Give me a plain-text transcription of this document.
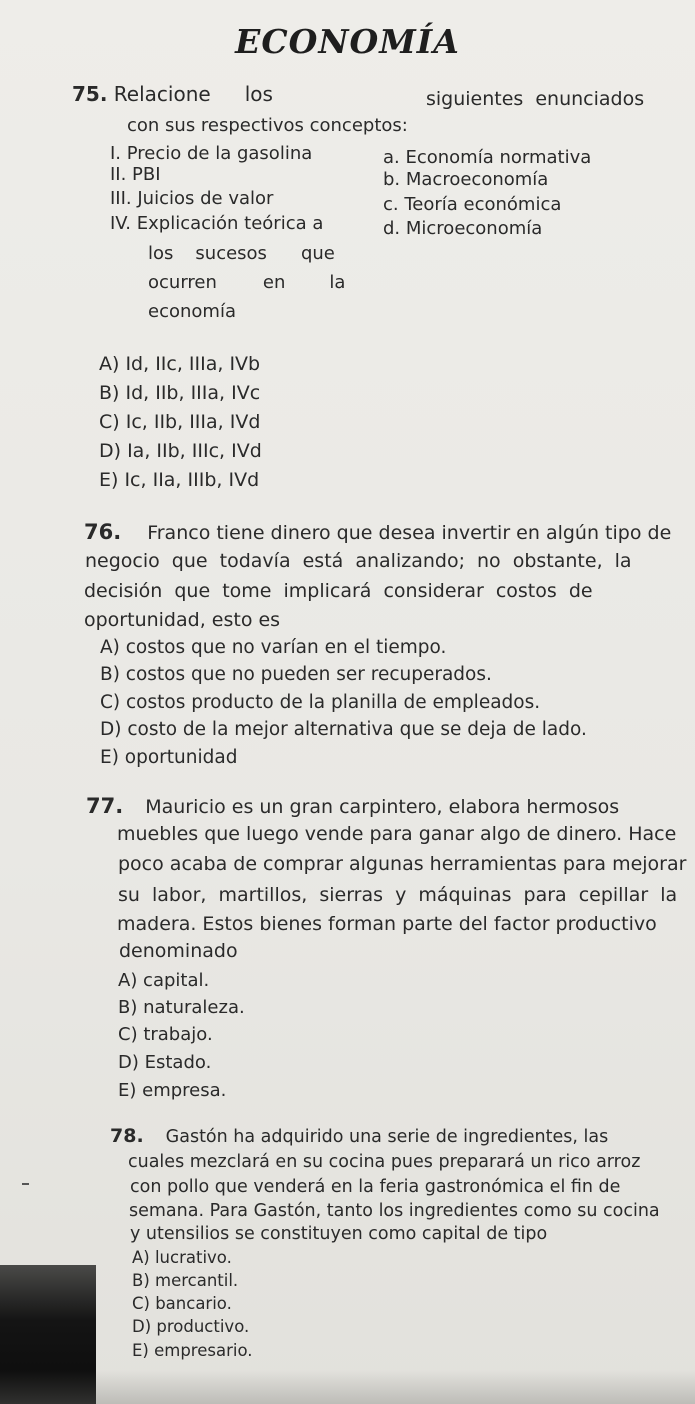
ECONOMÍA
75. Relacione los	siguientes enunciados
con sus respectivos conceptos:
I. Precio de la gasolina
II. PBI
III. Juicios de valor
IV. Explicación teórica a
a. Economía normativa
b. Macroeconomía
c. Teoría económica
d. Microeconomía
los sucesos que
ocurren	en la
economía
A) Id, IIc, IIIa, IVb
B) Id, IIb, IIIa, IVc
C) Ic, IIb, IIIa, IVd
D) Ia, IIb, IIIc, IVd
E) Ic, IIa, IIIb, IVd
76. Franco tiene dinero que desea invertir en algún tipo de
negocio que todavía está analizando; no obstante, la
decisión que tome implicará considerar costos de
oportunidad, esto es
A) costos que no varían en el tiempo.
B) costos que no pueden ser recuperados.
C) costos producto de la planilla de empleados.
D) costo de la mejor alternativa que se deja de lado.
E) oportunidad
77. Mauricio es un gran carpintero, elabora hermosos
muebles que luego vende para ganar algo de dinero. Hace
poco acaba de comprar algunas herramientas para mejorar
su labor, martillos, sierras y máquinas para cepillar la
madera. Estos bienes forman parte del factor productivo
denominado
A) capital.
B) naturaleza.
C) trabajo.
D) Estado.
E) empresa.
78. Gastón ha adquirido una serie de ingredientes, las
cuales mezclará en su cocina pues preparará un rico arroz
con pollo que venderá en la feria gastronómica el fin de
semana. Para Gastón, tanto los ingredientes como su cocina
y utensilios se constituyen como capital de tipo
A) lucrativo.
B) mercantil.
C) bancario.
D) productivo.
E) empresario.
